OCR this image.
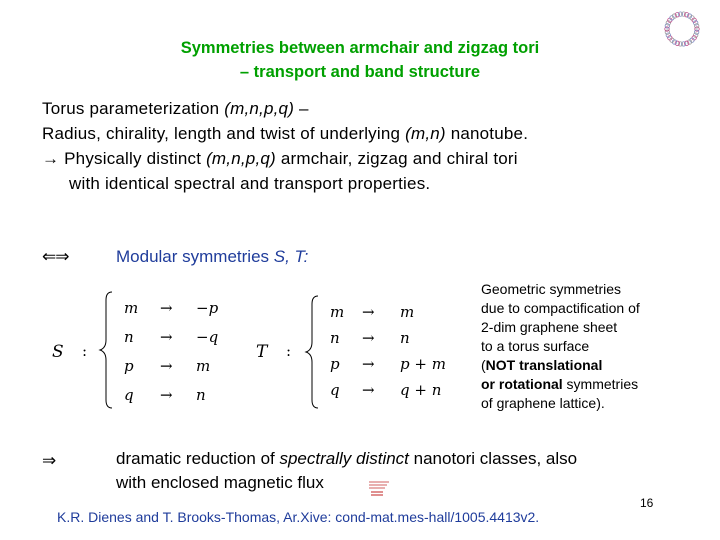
Symmetries between armchair and zigzag tori
– transport and band structure
Torus parameterization (m,n,p,q) –
Radius, chirality, length and twist of underlying (m,n) nanotube.
→ Physically distinct (m,n,p,q) armchair, zigzag and chiral tori
with identical spectral and transport properties.
⇐⇒	Modular symmetries S, T:
S :
m → −p
n → −q
p → m
q → n
T :
m → m
n → n
p → p + m
q → q + n
Geometric symmetries
due to compactification of
2-dim graphene sheet
to a torus surface
(NOT translational
or rotational symmetries
of graphene lattice).
⇒	dramatic reduction of spectrally distinct nanotori classes, also
with enclosed magnetic flux
K.R. Dienes and T. Brooks-Thomas, Ar.Xive: cond-mat.mes-hall/1005.4413v2.
16
